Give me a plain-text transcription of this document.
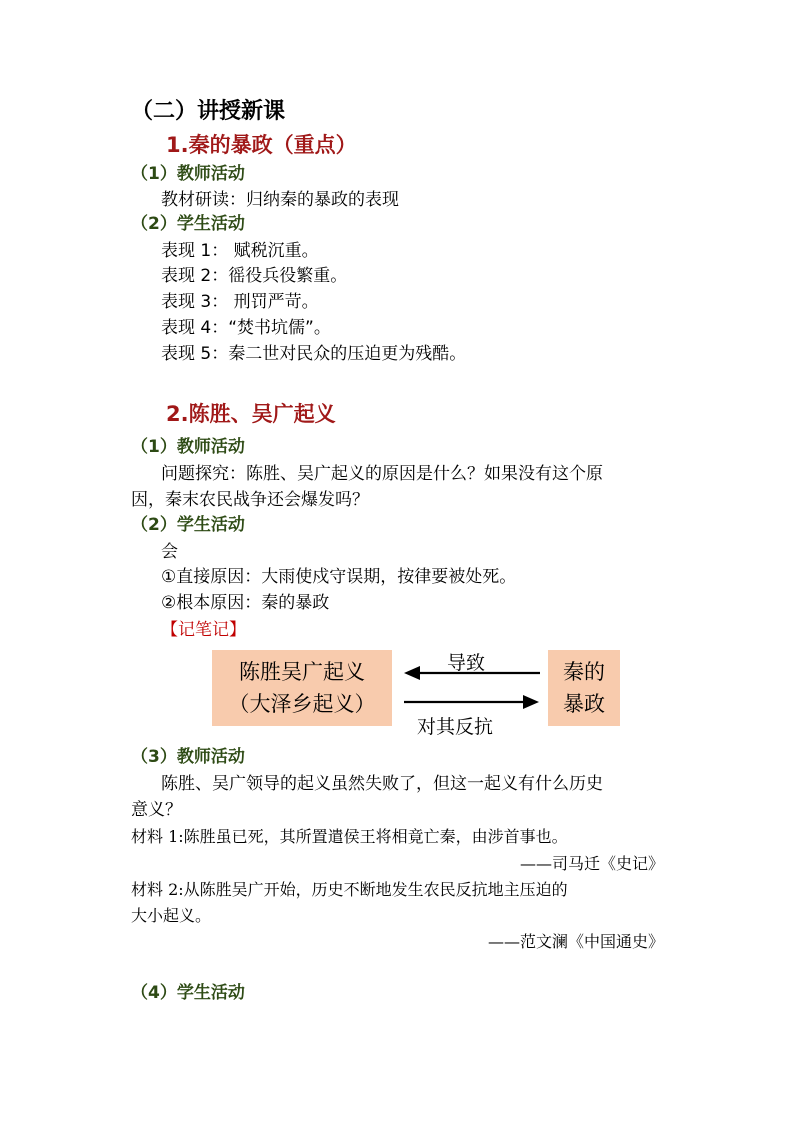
（二）讲授新课
1.秦的暴政（重点）
（1）教师活动
教材研读：归纳秦的暴政的表现
（2）学生活动
表现 1： 赋税沉重。
表现 2：徭役兵役繁重。
表现 3： 刑罚严苛。
表现 4：“焚书坑儒”。
表现 5：秦二世对民众的压迫更为残酷。
2.陈胜、吴广起义
（1）教师活动
问题探究：陈胜、吴广起义的原因是什么？如果没有这个原
因，秦末农民战争还会爆发吗？
（2）学生活动
会
①直接原因：大雨使戍守误期，按律要被处死。
②根本原因：秦的暴政
【记笔记】
陈胜吴广起义
（大泽乡起义）
秦的
暴政
导致
对其反抗
（3）教师活动
陈胜、吴广领导的起义虽然失败了，但这一起义有什么历史
意义？
材料 1:陈胜虽已死，其所置遣侯王将相竟亡秦，由涉首事也。
——司马迁《史记》
材料 2:从陈胜吴广开始，历史不断地发生农民反抗地主压迫的
大小起义。
——范文澜《中国通史》
（4）学生活动
